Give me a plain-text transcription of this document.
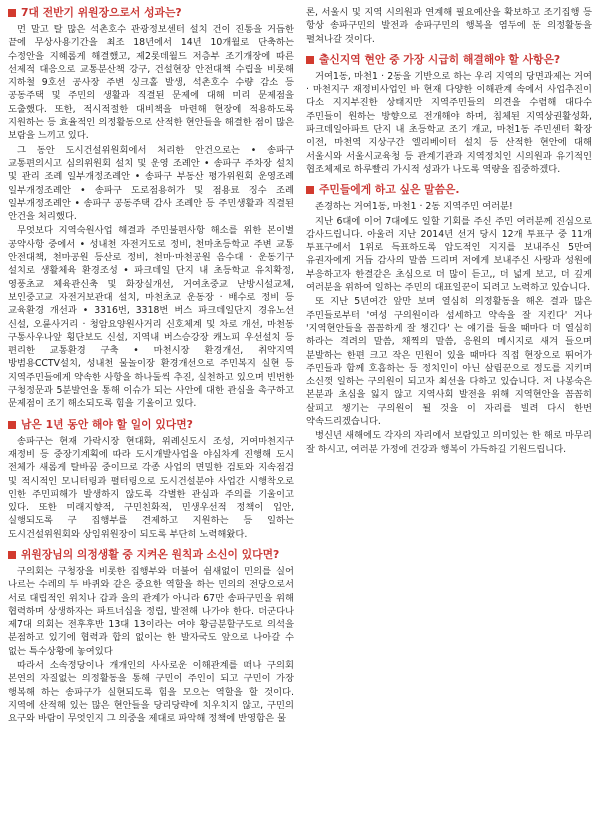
7대 전반기 위원장으로서 성과는?

먼 말고 탈 많은 석촌호수 관광정보센터 설치 건이 진통을 거듭한 끝에 무상사용기간을 최조 18년에서 14년 10개월로 단축하는 수정안을 지혜롭게 해결했고, 제2롯데월드 저층부 조기개장에 따른 선제적 대응으로 교통분산책 강구, 건설현장 안전대책 수립을 비롯해 지하철 9호선 공사장 주변 싱크홀 발생, 석촌호수 수량 감소 등 공동주택 및 주민의 생활과 직결된 문제에 대해 미리 문제점을 도출했다. 또한, 적시적절한 대비책을 마련해 현장에 적용하도록 지원하는 등 효율적인 의정활동으로 산적한 현안들을 해결한 점이 많은 보람을 느끼고 있다.

그 동안 도시건설위원회에서 처리한 안건으로는 • 송파구 교통편의시고 심의위원회 설치 및 운영 조례안 • 송파구 주차장 설치 및 관리 조례 일부개정조례안 • 송파구 부동산 평가위원회 운영조례 일부개정조례안 • 송파구 도로점용허가 및 점용료 징수 조례 일부개정조례안 • 송파구 공동주택 감사 조례안 등 주민생활과 직결된 안건을 처리했다.

무엇보다 지역숙원사업 해결과 주민불편사항 해소를 위한 본이별 공약사항 중에서 • 성내천 자전거도로 정비, 천마초등학교 주변 교통 안전대책, 천마공원 등산로 정비, 천마·마천공원 음수대 · 운동기구 설치로 생활체육 환경조성 • 파크데일 단지 내 초등학교 유치확정, 영풍초교 체육관신축 및 화장실개선, 거여초중교 난방시설교체, 보인중고교 자전거보관대 설치, 마천초교 운동장 · 배수로 정비 등 교육환경 개선과 • 3316번, 3318번 버스 파크데일단지 경유노선 신설, 오륜사거리 · 청암요양원사거리 신호체계 및 차로 개선, 마천동 구통사우나앞 횡단보도 신설, 지역내 버스승강장 캐노피 우선설치 등 편리한 교통환경 구축 • 마천시장 환경개선, 취약지역 방범용CCTV설치, 성내천 물놀이장 환경개선으로 주민복지 실현 등 지역주민들에게 약속한 사항을 하나둘씩 추진, 실천하고 있으며 빈번한 구청정문과 5분발언을 통해 이슈가 되는 사안에 대한 관심을 촉구하고 문제점이 조기 해소되도록 힘을 기울이고 있다.

남은 1년 동안 해야 할 일이 있다면?

송파구는 현재 가락시장 현대화, 위례신도시 조성, 거여마천지구 재정비 등 중장기계획에 따라 도시개발사업을 야심차게 진행해 도시 전체가 새롭게 탈바꿈 중이므로 각종 사업의 면밀한 검토와 지속점검 및 적시적인 모니터링과 펼터링으로 도시건설분야 사업간 시행착오로 인한 주민피해가 발생하지 않도록 각별한 관심과 주의를 기울이고 있다. 또한 미래지향적, 구민친화적, 민생우선적 정책이 입안, 실행되도록 구 집행부를 견제하고 지원하는 등 일하는 도시건설위원회와 상임위원장이 되도록 부단히 노력해왔다.

위원장님의 의정생활 중 지켜온 원칙과 소신이 있다면?

구의회는 구청장을 비롯한 집행부와 더불어 쉼새없이 민의를 실어 나르는 수레의 두 바퀴와 같은 중요한 역할을 하는 민의의 전당으로서 서로 대립적인 위치나 갑과 을의 관계가 아니라 67만 송파구민을 위해 협력하며 상생하자는 파트너십을 정립, 발전해 나가야 한다. 더군다나 제7대 의회는 전후후반 13대 13이라는 여야 황금분할구도로 의석을 분점하고 있기에 협력과 합의 없이는 한 발자국도 앞으로 나아갈 수 없는 특수상황에 놓여있다

따라서 소속정당이나 개개인의 사사로운 이해관계를 떠나 구의회 본연의 자질없는 의정활동을 통해 구민이 주인이 되고 구민이 가장 행복해 하는 송파구가 실현되도록 힘을 모으는 역할을 할 것이다. 지역에 산적해 있는 많은 현안들을 당리당략에 치우치지 않고, 구민의 요구와 바람이 무엇인지 그 의중을 제대로 파악해 정책에 반영함은 물

론, 서울시 및 지역 시의원과 연계해 필요예산을 확보하고 조기집행 등 항상 송파구민의 발전과 송파구민의 행복을 염두에 둔 의정활동을 펼쳐나갈 것이다.

출신지역 현안 중 가장 시급히 해결해야 할 사항은?

거여1동, 마천1 · 2동을 기반으로 하는 우리 지역의 당면과제는 거여 · 마천지구 재정비사업인 바 현재 다양한 이해관계 속에서 사업추진이 다소 지지부진한 상태지만 지역주민들의 의견을 수렴해 대다수 주민들이 원하는 방향으로 전개해야 하며, 침체된 지역상권활성화, 파크데일아파트 단지 내 초등학교 조기 개교, 마천1동 주민센터 확장 이전, 마천역 지상구간 엘리베이터 설치 등 산적한 현안에 대해 서울시와 서울시교육청 등 관계기관과 지역정치인 시의원과 유기적인 협조체제로 하루빨리 가시적 성과가 나도록 역량을 집중하겠다.

주민들에게 하고 싶은 말씀은.

존경하는 거여1동, 마천1 · 2동 지역주민 여러분!

지난 6대에 이어 7대에도 일할 기회를 주신 주민 여러분께 진심으로 감사드립니다. 아울러 지난 2014년 선거 당시 12개 투표구 중 11개 투표구에서 1위로 득표하도록 압도적인 지지를 보내주신 5만여 유권자에게 거듭 감사의 말씀 드리며 저에게 보내주신 사랑과 성원에 부응하고자 한결같은 초심으로 더 많이 듣고,, 더 넓게 보고, 더 깊게 여러분을 위하여 일하는 주민의 대표일꾼이 되려고 노력하고 있습니다.

또 지난 5년여간 앞만 보며 열심히 의정활동을 해온 결과 많은 주민들로부터 '여성 구의원이라 섬세하고 약속을 잘 지킨다' 거나 '지역현안들을 꼼꼼하게 잘 챙긴다' 는 얘기를 들을 때마다 더 열심히 하라는 격려의 말씀, 채찍의 말씀, 응원의 메시지로 새겨 들으며 분발하는 한편 크고 작은 민원이 있을 때마다 직접 현장으로 뛰어가 주민들과 함께 호흡하는 등 정치인이 아닌 살림꾼으로 정도를 지키며 소신껏 일하는 구의원이 되고자 최선을 다하고 있습니다. 저 나봉숙은 본분과 초심을 잃지 않고 지역사회 발전을 위해 지역현안을 꼼꼼히 살피고 챙기는 구의원이 될 것을 이 자리를 빌려 다시 한번 약속드리겠습니다.

병신년 새해에도 각자의 자리에서 보람있고 의미있는 한 해로 마무리 잘 하시고, 여러분 가정에 건강과 행복이 가득하길 기원드립니다.
